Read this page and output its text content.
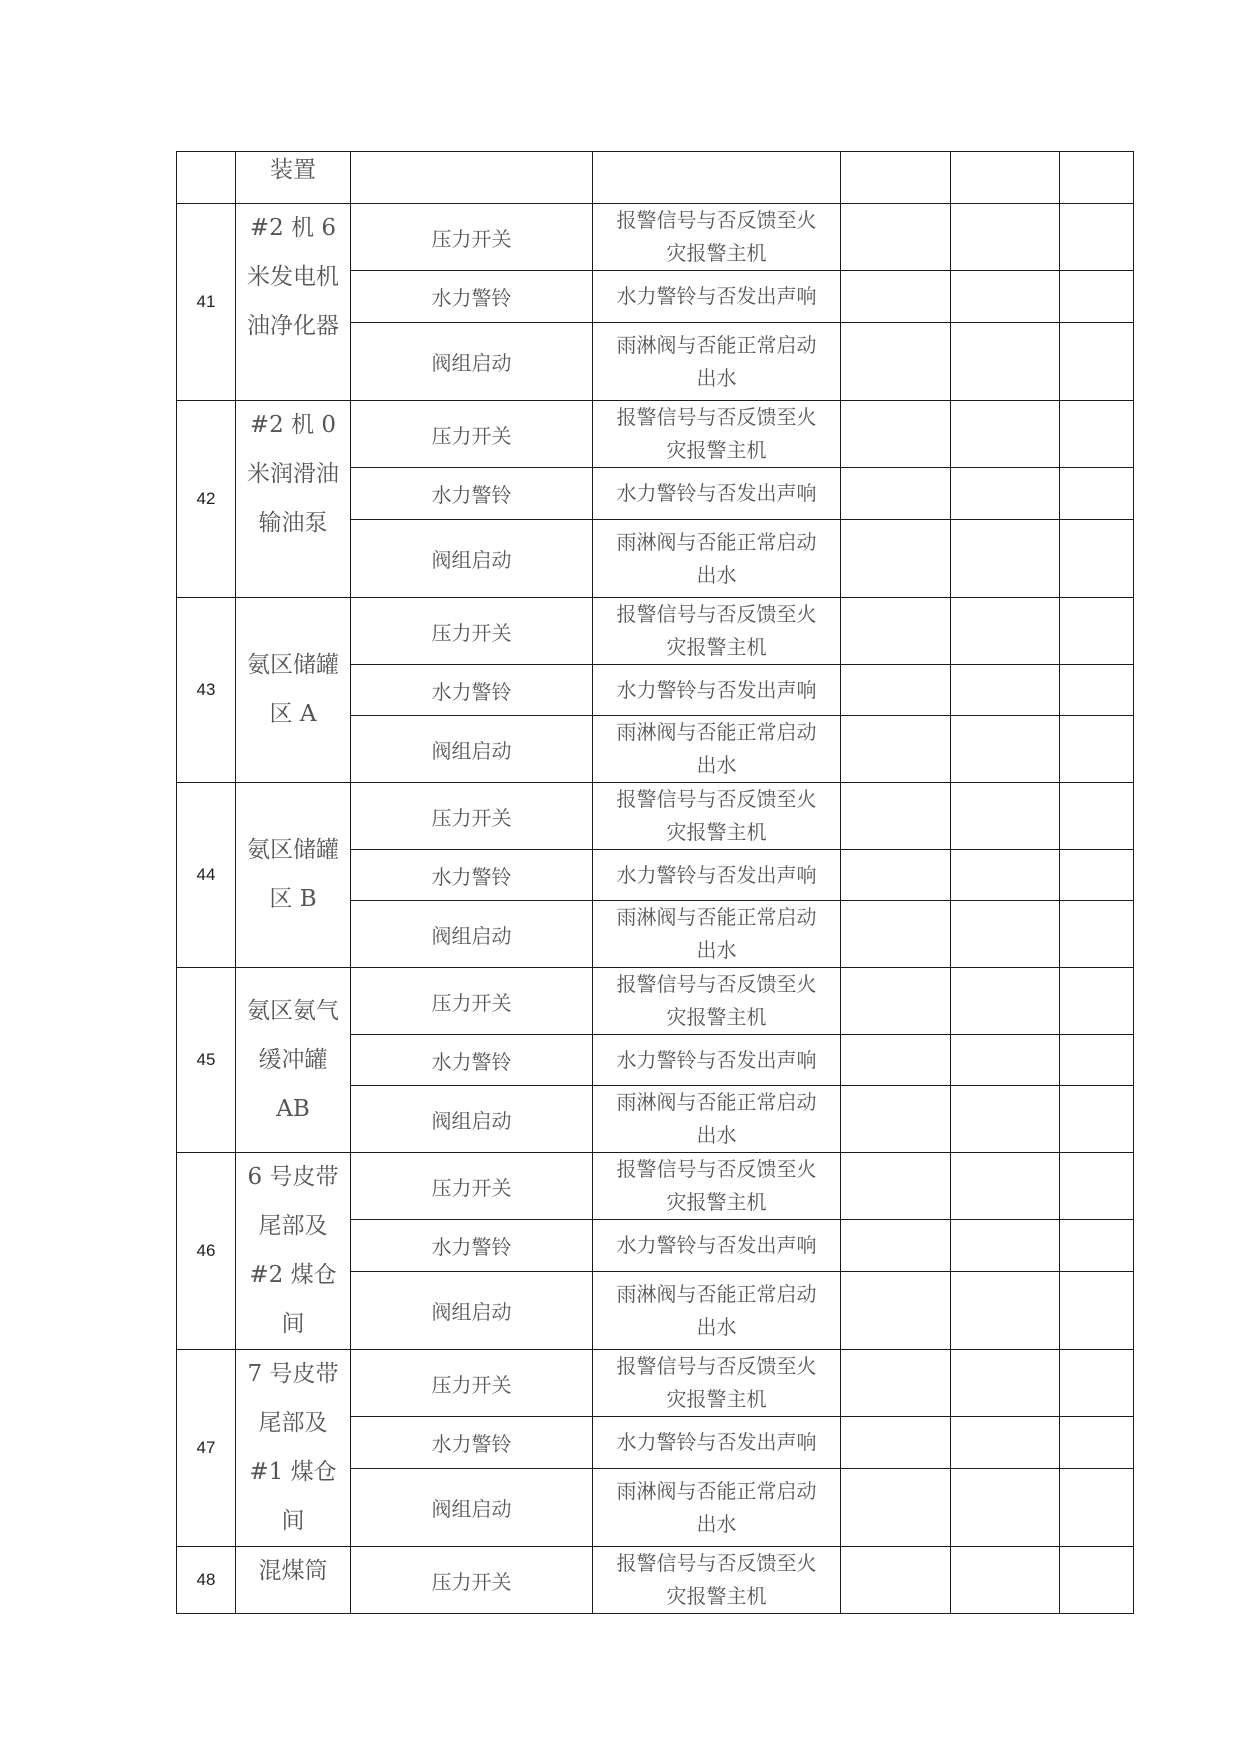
	装置					

41	#2 机 6 米发电机油净化器	压力开关	报警信号与否反馈至火灾报警主机			

		水力警铃	水力警铃与否发出声响			

		阀组启动	雨淋阀与否能正常启动出水			

42	#2 机 0 米润滑油输油泵	压力开关	报警信号与否反馈至火灾报警主机			

		水力警铃	水力警铃与否发出声响			

		阀组启动	雨淋阀与否能正常启动出水			

43	氨区储罐区 A	压力开关	报警信号与否反馈至火灾报警主机			

		水力警铃	水力警铃与否发出声响			

		阀组启动	雨淋阀与否能正常启动出水			

44	氨区储罐区 B	压力开关	报警信号与否反馈至火灾报警主机			

		水力警铃	水力警铃与否发出声响			

		阀组启动	雨淋阀与否能正常启动出水			

45	氨区氨气缓冲罐 AB	压力开关	报警信号与否反馈至火灾报警主机			

		水力警铃	水力警铃与否发出声响			

		阀组启动	雨淋阀与否能正常启动出水			

46	6 号皮带尾部及#2 煤仓间	压力开关	报警信号与否反馈至火灾报警主机			

		水力警铃	水力警铃与否发出声响			

		阀组启动	雨淋阀与否能正常启动出水			

47	7 号皮带尾部及#1 煤仓间	压力开关	报警信号与否反馈至火灾报警主机			

		水力警铃	水力警铃与否发出声响			

		阀组启动	雨淋阀与否能正常启动出水			

48	混煤筒	压力开关	报警信号与否反馈至火灾报警主机			
